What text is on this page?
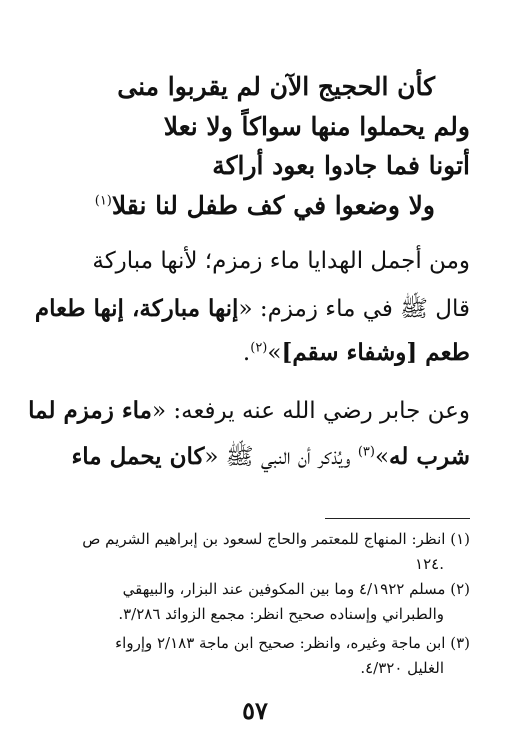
كأن الحجيج الآن لم يقربوا منى
ولم يحملوا منها سواكاً ولا نعلا
أتونا فما جادوا بعود أراكة
ولا وضعوا في كف طفل لنا نقلا$^{(١)}$
ومن أجمل الهدايا ماء زمزم؛ لأنها مباركة
قال ﷺ في ماء زمزم: «إنها مباركة، إنها طعام
طعم [وشفاء سقم]»$^{(٢)}$.
وعن جابر رضي الله عنه يرفعه: «ماء زمزم لما
شرب له»$^{(٣)}$ ويُذكر أن النبي ﷺ «كان يحمل ماء
(١) انظر: المنهاج للمعتمر والحاج لسعود بن إبراهيم الشريم ص
١٢٤.
(٢) مسلم ٤/١٩٢٢ وما بين المكوفين عند البزار، والبيهقي
والطبراني وإسناده صحيح انظر: مجمع الزوائد ٣/٢٨٦.
(٣) ابن ماجة وغيره، وانظر: صحيح ابن ماجة ٢/١٨٣ وإرواء
الغليل ٤/٣٢٠.
٥٧
